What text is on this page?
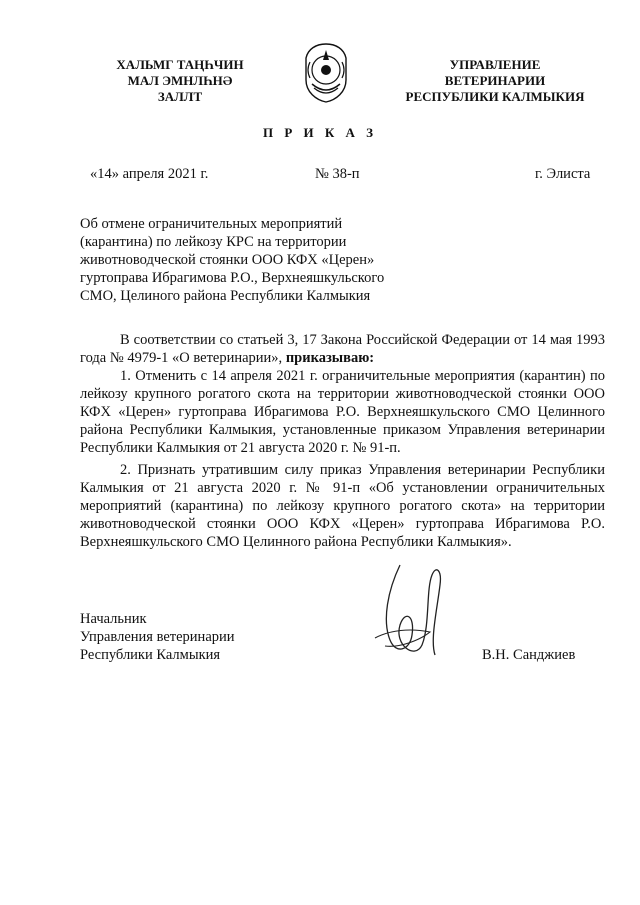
ХАЛЬМГ ТАҢҺЧИН
МАЛ ЭМНЛҺНӘ
ЗАЛЛТ
УПРАВЛЕНИЕ
ВЕТЕРИНАРИИ
РЕСПУБЛИКИ КАЛМЫКИЯ
П Р И К А З
«14» апреля 2021 г.	№ 38-п	г. Элиста
Об отмене ограничительных мероприятий
(карантина) по лейкозу КРС на территории
животноводческой стоянки ООО КФХ «Церен»
гуртоправа Ибрагимова Р.О., Верхнеяшкульского
СМО, Целиного района Республики Калмыкия

В соответствии со статьей 3, 17 Закона Российской Федерации от 14 мая 1993 года № 4979-1 «О ветеринарии», приказываю:

1. Отменить с 14 апреля 2021 г. ограничительные мероприятия (карантин) по лейкозу крупного рогатого скота на территории животноводческой стоянки ООО КФХ «Церен» гуртоправа Ибрагимова Р.О. Верхнеяшкульского СМО Целинного района Республики Калмыкия, установленные приказом Управления ветеринарии Республики Калмыкия от 21 августа 2020 г. № 91-п.

2. Признать утратившим силу приказ Управления ветеринарии Республики Калмыкия от 21 августа 2020 г. № 91-п «Об установлении ограничительных мероприятий (карантина) по лейкозу крупного рогатого скота» на территории животноводческой стоянки ООО КФХ «Церен» гуртоправа Ибрагимова Р.О. Верхнеяшкульского СМО Целинного района Республики Калмыкия».

Начальник
Управления ветеринарии
Республики Калмыкия	В.Н. Санджиев
